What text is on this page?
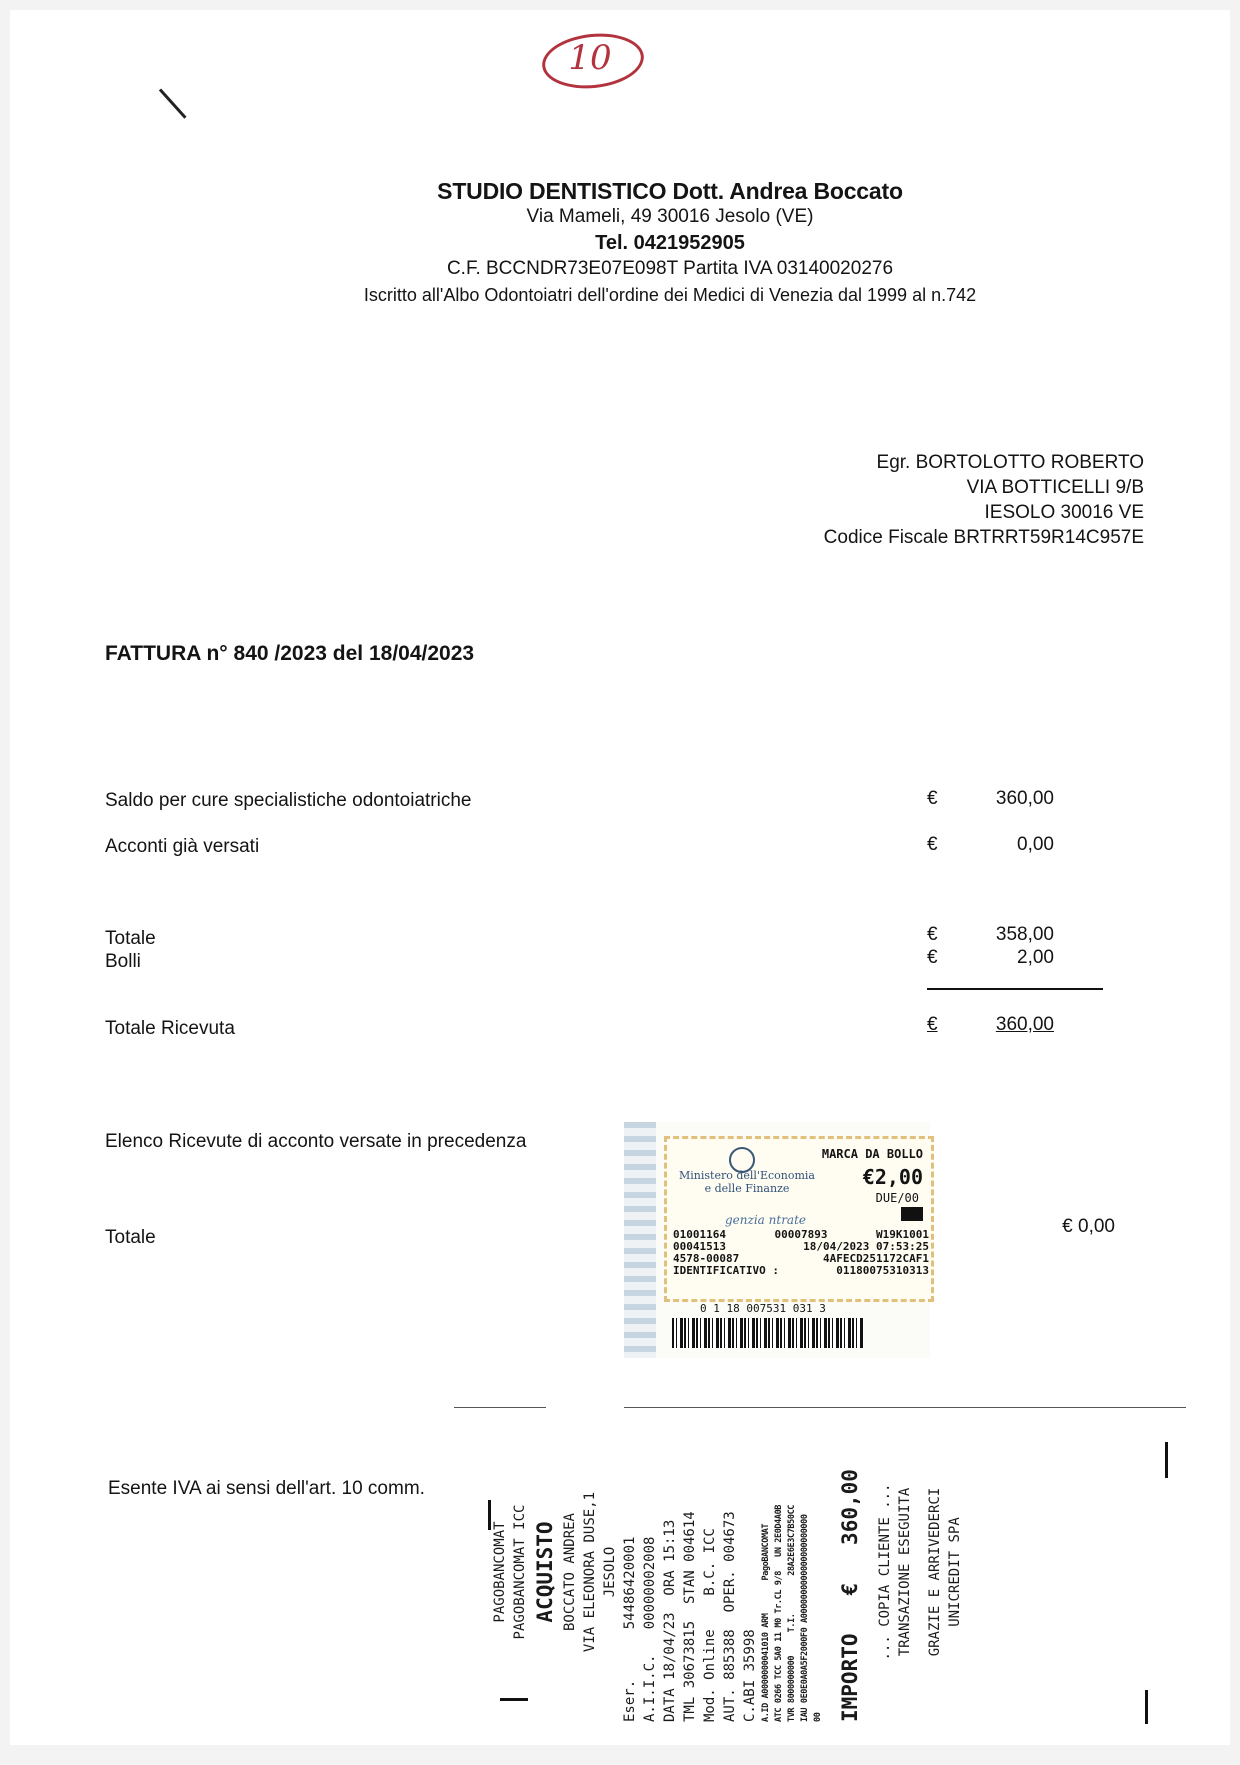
10
STUDIO DENTISTICO Dott. Andrea Boccato
Via Mameli, 49 30016 Jesolo (VE)
Tel. 0421952905
C.F. BCCNDR73E07E098T Partita IVA 03140020276
Iscritto all'Albo Odontoiatri dell'ordine dei Medici di Venezia dal 1999 al n.742
Egr. BORTOLOTTO ROBERTO
VIA BOTTICELLI 9/B
IESOLO 30016 VE
Codice Fiscale BRTRRT59R14C957E
FATTURA n° 840 /2023 del 18/04/2023
Saldo per cure specialistiche odontoiatriche	€	360,00
Acconti già versati	€	0,00
Totale	€	358,00
Bolli	€	2,00
Totale Ricevuta	€	360,00
Elenco Ricevute di acconto versate in precedenza
Totale
€ 0,00
Ministero dell'Economia e delle Finanze
MARCA DA BOLLO
€2,00
DUE/00
genzia ntrate
01001164	00007893	W19K1001
00041513	18/04/2023 07:53:25
4578-00087	4AFECD251172CAF1
IDENTIFICATIVO :	01180075310313
0 1 18 007531 031 3
Esente IVA ai sensi dell'art. 10 comm.
PAGOBANCOMAT PAGOBANCOMAT ICC ACQUISTO BOCCATO ANDREA VIA ELEONORA DUSE,1 JESOLO Eser.      54486420001 A.I.I.C.   00000002008 DATA 18/04/23  ORA 15:13 TML 30673815  STAN 004614 Mod. Online    B.C. ICC AUT. 885388  OPER. 004673 C.ABI 35998 A.ID A0000000041010 ARM       PagoBANCOMAT ATC 0266 TCC 5A0 11 M0 Tr.CL 9/8   UN 2E0D4A0B TVR 8000000000     T.I.        28A2E6E3C7B50CC IAU 0E0E0A0A5F2000F0 A0000000000000000000000 00 IMPORTO   €   360,00 ... COPIA CLIENTE ... TRANSAZIONE ESEGUITA GRAZIE E ARRIVEDERCI UNICREDIT SPA
